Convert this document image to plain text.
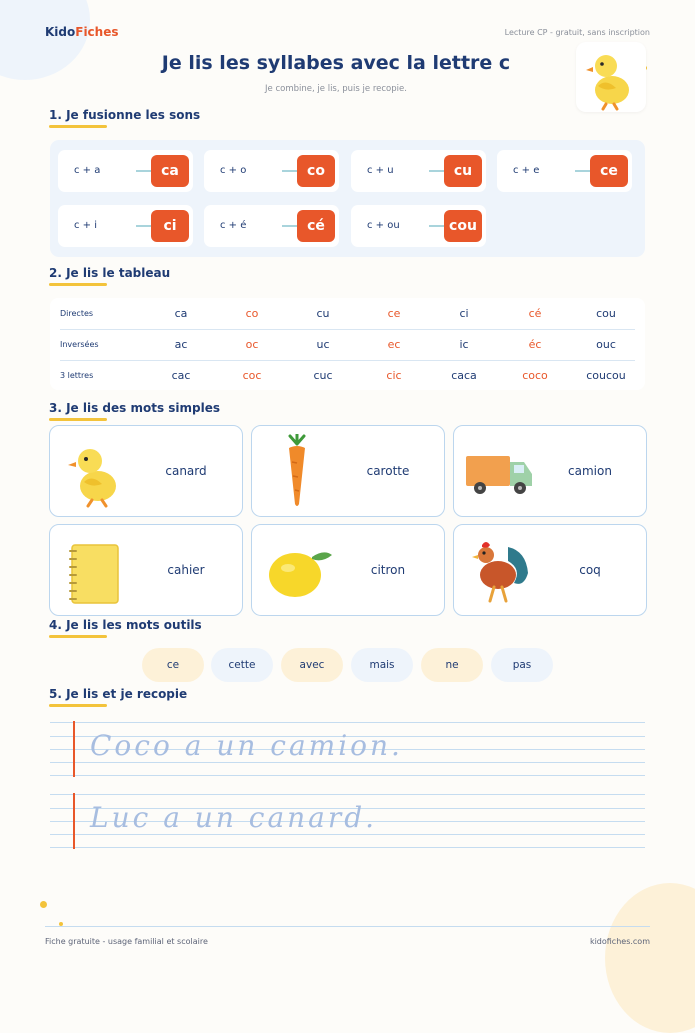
KidoFiches	Lecture CP - gratuit, sans inscription
Je lis les syllabes avec la lettre c
Je combine, je lis, puis je recopie.
1. Je fusionne les sons
c + a	ca	c + o	co	c + u	cu	c + e	ce
c + i	ci	c + é	cé	c + ou	cou
2. Je lis le tableau
Directes	ca	co	cu	ce	ci	cé	cou
Inversées	ac	oc	uc	ec	ic	éc	ouc
3 lettres	cac	coc	cuc	cic	caca	coco	coucou
3. Je lis des mots simples
canard	carotte	camion
cahier	citron	coq
4. Je lis les mots outils
ce	cette	avec	mais	ne	pas
5. Je lis et je recopie
Coco a un camion.
Luc a un canard.
Fiche gratuite - usage familial et scolaire	kidofiches.com
